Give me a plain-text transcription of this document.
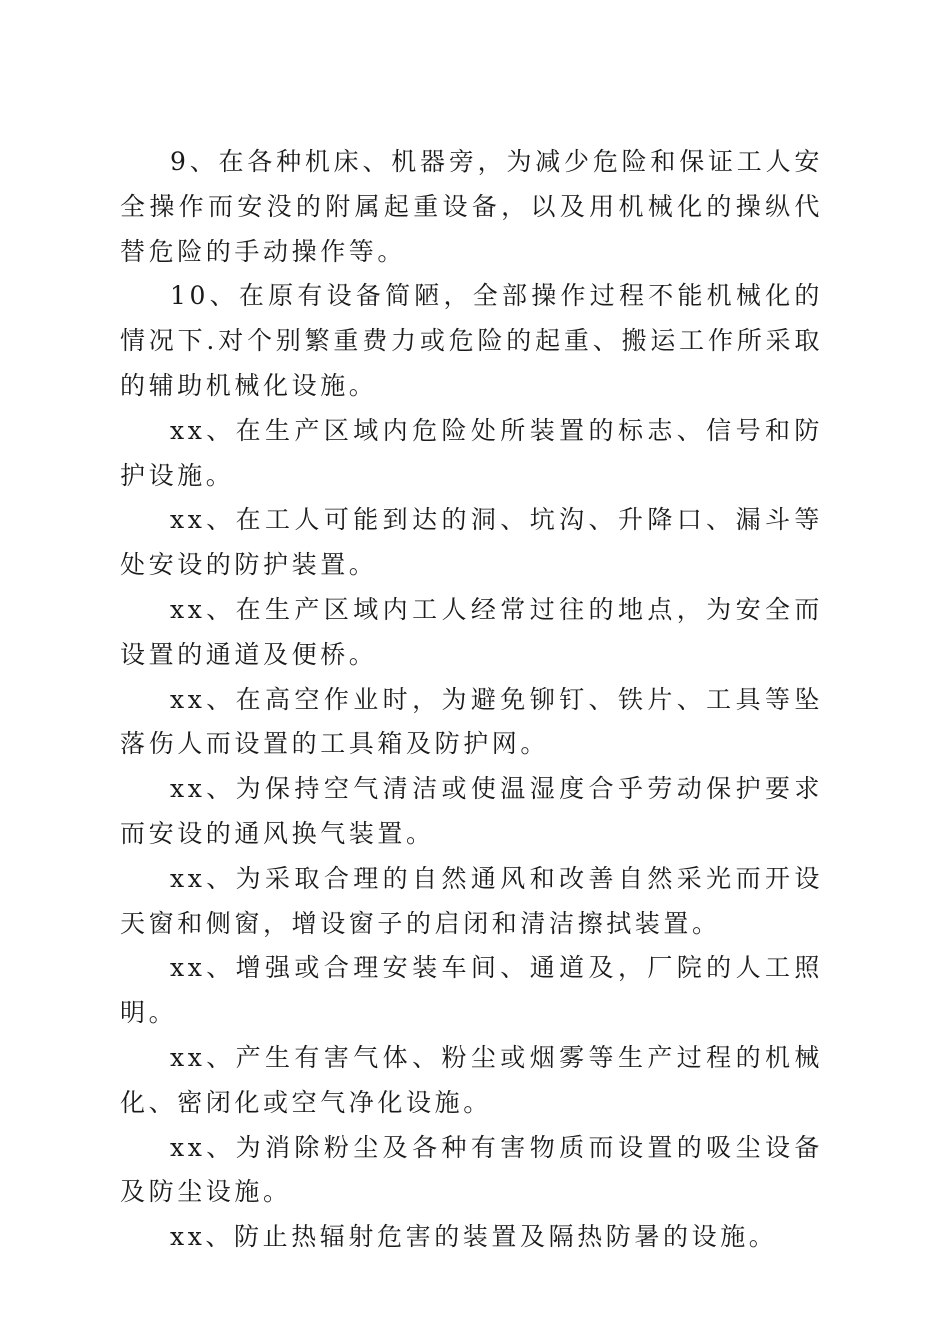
9、在各种机床、机器旁，为减少危险和保证工人安全操作而安没的附属起重设备，以及用机械化的操纵代替危险的手动操作等。

10、在原有设备简陋，全部操作过程不能机械化的情况下.对个别繁重费力或危险的起重、搬运工作所采取的辅助机械化设施。

xx、在生产区域内危险处所装置的标志、信号和防护设施。

xx、在工人可能到达的洞、坑沟、升降口、漏斗等处安设的防护装置。

xx、在生产区域内工人经常过往的地点，为安全而设置的通道及便桥。

xx、在高空作业时，为避免铆钉、铁片、工具等坠落伤人而设置的工具箱及防护网。

xx、为保持空气清洁或使温湿度合乎劳动保护要求而安设的通风换气装置。

xx、为采取合理的自然通风和改善自然采光而开设天窗和侧窗，增设窗子的启闭和清洁擦拭装置。

xx、增强或合理安装车间、通道及，厂院的人工照明。

xx、产生有害气体、粉尘或烟雾等生产过程的机械化、密闭化或空气净化设施。

xx、为消除粉尘及各种有害物质而设置的吸尘设备及防尘设施。

xx、防止热辐射危害的装置及隔热防暑的设施。
